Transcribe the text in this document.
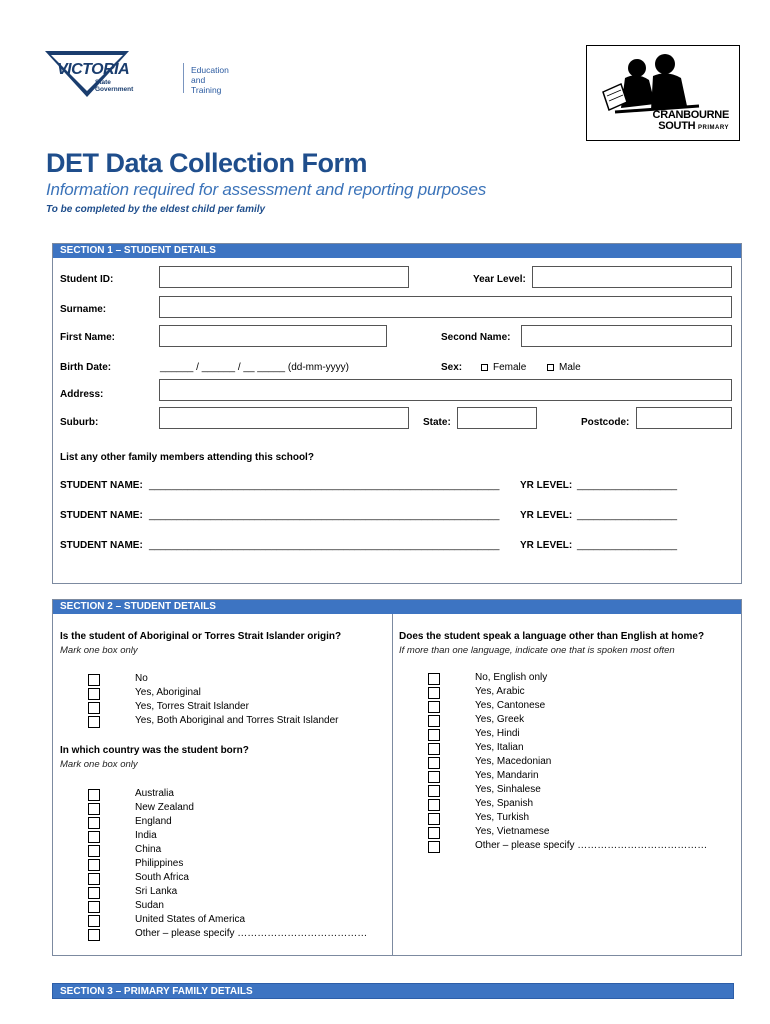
VICTORIA
State
Government
Education
and Training
CRANBOURNE
SOUTH PRIMARY
DET Data Collection Form
Information required for assessment and reporting purposes
To be completed by the eldest child per family
SECTION 1 – STUDENT DETAILS
Student ID:	Year Level:
Surname:
First Name:	Second Name:
Birth Date:	______ / ______ / __ _____ (dd-mm-yyyy)	Sex:	Female	Male
Address:
Suburb:	State:	Postcode:
List any other family members attending this school?
STUDENT NAME: _______________________________________________________________ YR LEVEL: __________________
STUDENT NAME: _______________________________________________________________ YR LEVEL: __________________
STUDENT NAME: _______________________________________________________________ YR LEVEL: __________________
SECTION 2 – STUDENT DETAILS
Is the student of Aboriginal or Torres Strait Islander origin?
Mark one box only
No
Yes, Aboriginal
Yes, Torres Strait Islander
Yes, Both Aboriginal and Torres Strait Islander
In which country was the student born?
Mark one box only
Australia
New Zealand
England
India
China
Philippines
South Africa
Sri Lanka
Sudan
United States of America
Other – please specify …………………………………
Does the student speak a language other than English at home?
If more than one language, indicate one that is spoken most often
No, English only
Yes, Arabic
Yes, Cantonese
Yes, Greek
Yes, Hindi
Yes, Italian
Yes, Macedonian
Yes, Mandarin
Yes, Sinhalese
Yes, Spanish
Yes, Turkish
Yes, Vietnamese
Other – please specify …………………………………
SECTION 3 – PRIMARY FAMILY DETAILS
